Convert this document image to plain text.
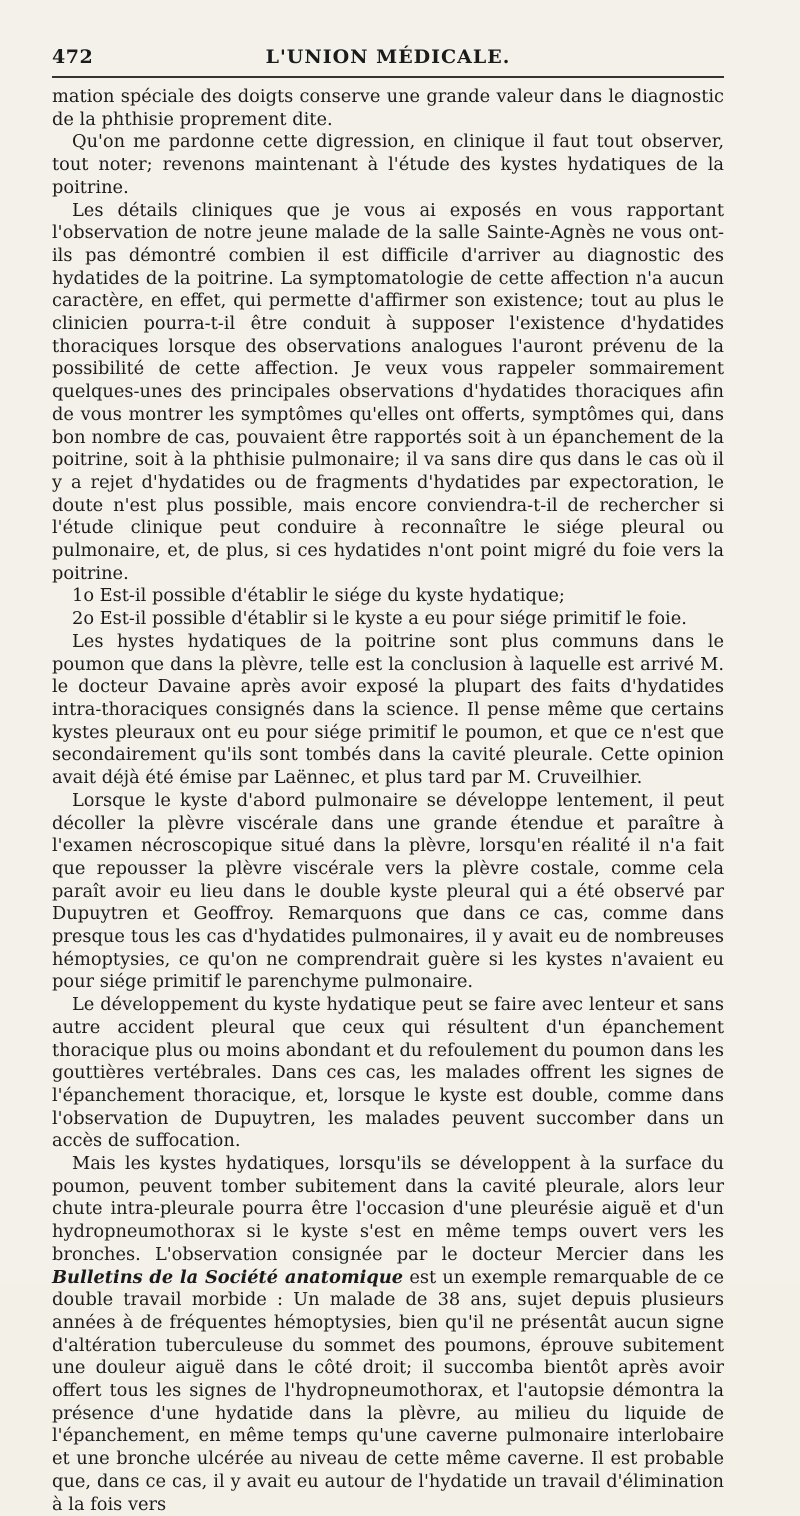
472	L'UNION MÉDICALE.

mation spéciale des doigts conserve une grande valeur dans le diagnostic de la phthisie proprement dite.

Qu'on me pardonne cette digression, en clinique il faut tout observer, tout noter; revenons maintenant à l'étude des kystes hydatiques de la poitrine.

Les détails cliniques que je vous ai exposés en vous rapportant l'observation de notre jeune malade de la salle Sainte-Agnès ne vous ont-ils pas démontré combien il est difficile d'arriver au diagnostic des hydatides de la poitrine. La symptomatologie de cette affection n'a aucun caractère, en effet, qui permette d'affirmer son existence; tout au plus le clinicien pourra-t-il être conduit à supposer l'existence d'hydatides thoraciques lorsque des observations analogues l'auront prévenu de la possibilité de cette affection. Je veux vous rappeler sommairement quelques-unes des principales observations d'hydatides thoraciques afin de vous montrer les symptômes qu'elles ont offerts, symptômes qui, dans bon nombre de cas, pouvaient être rapportés soit à un épanchement de la poitrine, soit à la phthisie pulmonaire; il va sans dire qus dans le cas où il y a rejet d'hydatides ou de fragments d'hydatides par expectoration, le doute n'est plus possible, mais encore conviendra-t-il de rechercher si l'étude clinique peut conduire à reconnaître le siége pleural ou pulmonaire, et, de plus, si ces hydatides n'ont point migré du foie vers la poitrine.

1o Est-il possible d'établir le siége du kyste hydatique;

2o Est-il possible d'établir si le kyste a eu pour siége primitif le foie.

Les hystes hydatiques de la poitrine sont plus communs dans le poumon que dans la plèvre, telle est la conclusion à laquelle est arrivé M. le docteur Davaine après avoir exposé la plupart des faits d'hydatides intra-thoraciques consignés dans la science. Il pense même que certains kystes pleuraux ont eu pour siége primitif le poumon, et que ce n'est que secondairement qu'ils sont tombés dans la cavité pleurale. Cette opinion avait déjà été émise par Laënnec, et plus tard par M. Cruveilhier.

Lorsque le kyste d'abord pulmonaire se développe lentement, il peut décoller la plèvre viscérale dans une grande étendue et paraître à l'examen nécroscopique situé dans la plèvre, lorsqu'en réalité il n'a fait que repousser la plèvre viscérale vers la plèvre costale, comme cela paraît avoir eu lieu dans le double kyste pleural qui a été observé par Dupuytren et Geoffroy. Remarquons que dans ce cas, comme dans presque tous les cas d'hydatides pulmonaires, il y avait eu de nombreuses hémoptysies, ce qu'on ne comprendrait guère si les kystes n'avaient eu pour siége primitif le parenchyme pulmonaire.

Le développement du kyste hydatique peut se faire avec lenteur et sans autre accident pleural que ceux qui résultent d'un épanchement thoracique plus ou moins abondant et du refoulement du poumon dans les gouttières vertébrales. Dans ces cas, les malades offrent les signes de l'épanchement thoracique, et, lorsque le kyste est double, comme dans l'observation de Dupuytren, les malades peuvent succomber dans un accès de suffocation.

Mais les kystes hydatiques, lorsqu'ils se développent à la surface du poumon, peuvent tomber subitement dans la cavité pleurale, alors leur chute intra-pleurale pourra être l'occasion d'une pleurésie aiguë et d'un hydropneumothorax si le kyste s'est en même temps ouvert vers les bronches. L'observation consignée par le docteur Mercier dans les Bulletins de la Société anatomique est un exemple remarquable de ce double travail morbide : Un malade de 38 ans, sujet depuis plusieurs années à de fréquentes hémoptysies, bien qu'il ne présentât aucun signe d'altération tuberculeuse du sommet des poumons, éprouve subitement une douleur aiguë dans le côté droit; il succomba bientôt après avoir offert tous les signes de l'hydropneumothorax, et l'autopsie démontra la présence d'une hydatide dans la plèvre, au milieu du liquide de l'épanchement, en même temps qu'une caverne pulmonaire interlobaire et une bronche ulcérée au niveau de cette même caverne. Il est probable que, dans ce cas, il y avait eu autour de l'hydatide un travail d'élimination à la fois vers
